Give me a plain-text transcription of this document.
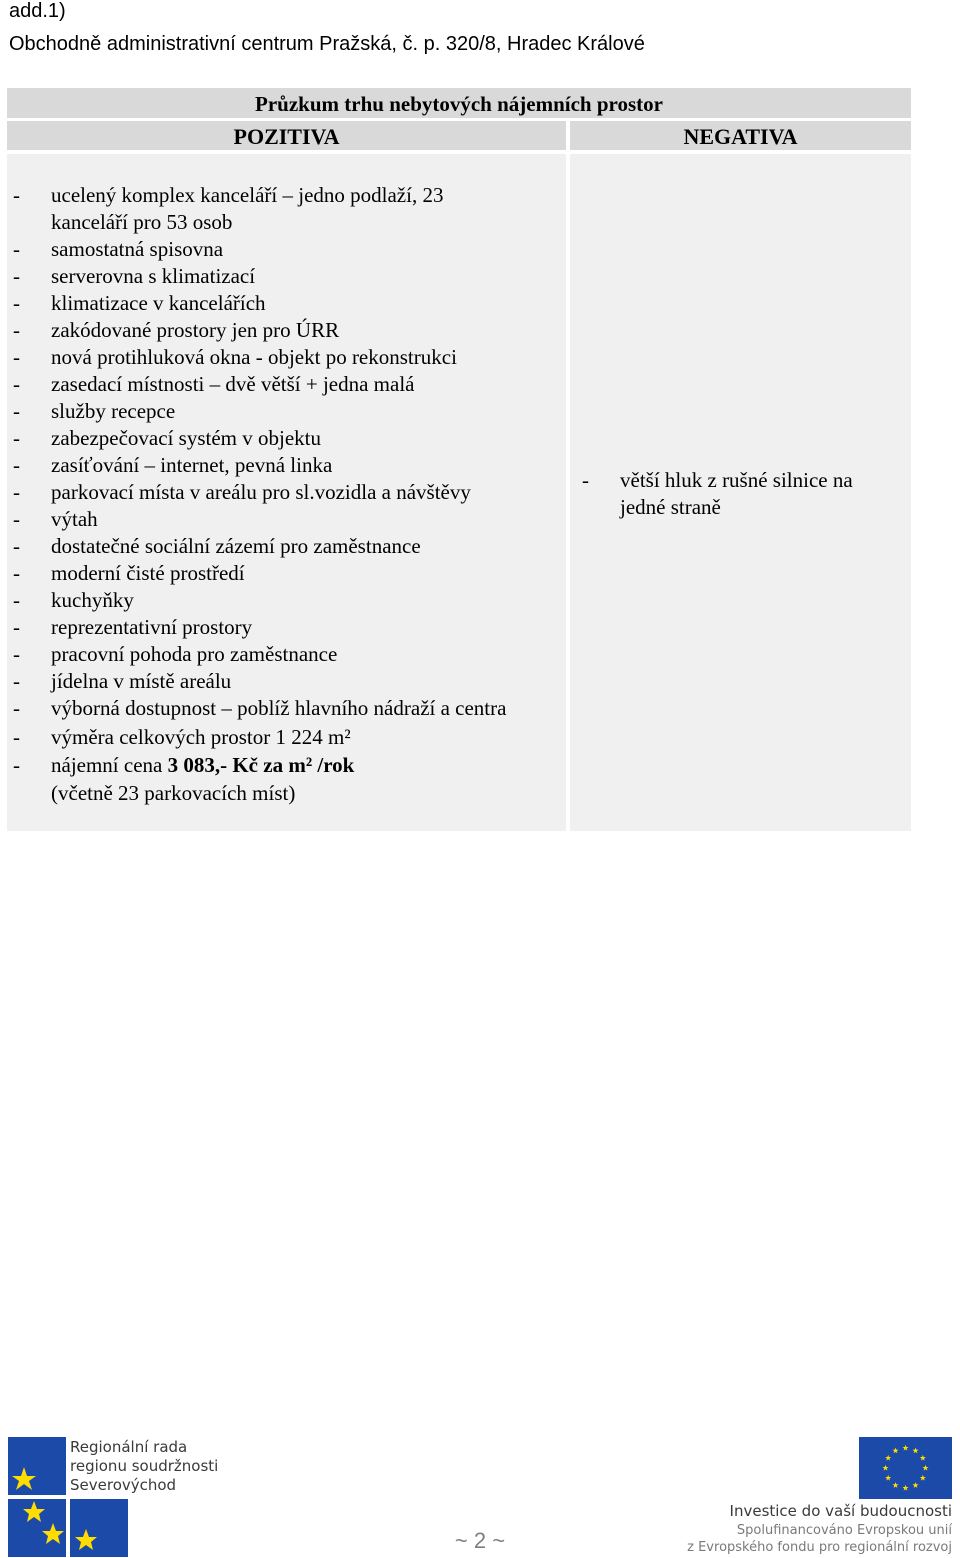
add.1)
Obchodně administrativní centrum Pražská, č. p. 320/8, Hradec Králové
Průzkum trhu nebytových nájemních prostor
POZITIVA	NEGATIVA
- ucelený komplex kanceláří – jedno podlaží, 23
kanceláří pro 53 osob
- samostatná spisovna
- serverovna s klimatizací
- klimatizace v kancelářích
- zakódované prostory jen pro ÚRR
- nová protihluková okna - objekt po rekonstrukci
- zasedací místnosti – dvě větší + jedna malá
- služby recepce
- zabezpečovací systém v objektu
- zasíťování – internet, pevná linka
- parkovací místa v areálu pro sl.vozidla a návštěvy
- výtah
- dostatečné sociální zázemí pro zaměstnance
- moderní čisté prostředí
- kuchyňky
- reprezentativní prostory
- pracovní pohoda pro zaměstnance
- jídelna v místě areálu
- výborná dostupnost – poblíž hlavního nádraží a centra
- výměra celkových prostor 1 224 m²
- nájemní cena 3 083,- Kč za m² /rok
(včetně 23 parkovacích míst)
- větší hluk z rušné silnice na
jedné straně
Regionální rada
regionu soudržnosti
Severovýchod
~ 2 ~
Investice do vaší budoucnosti
Spolufinancováno Evropskou unií
z Evropského fondu pro regionální rozvoj
